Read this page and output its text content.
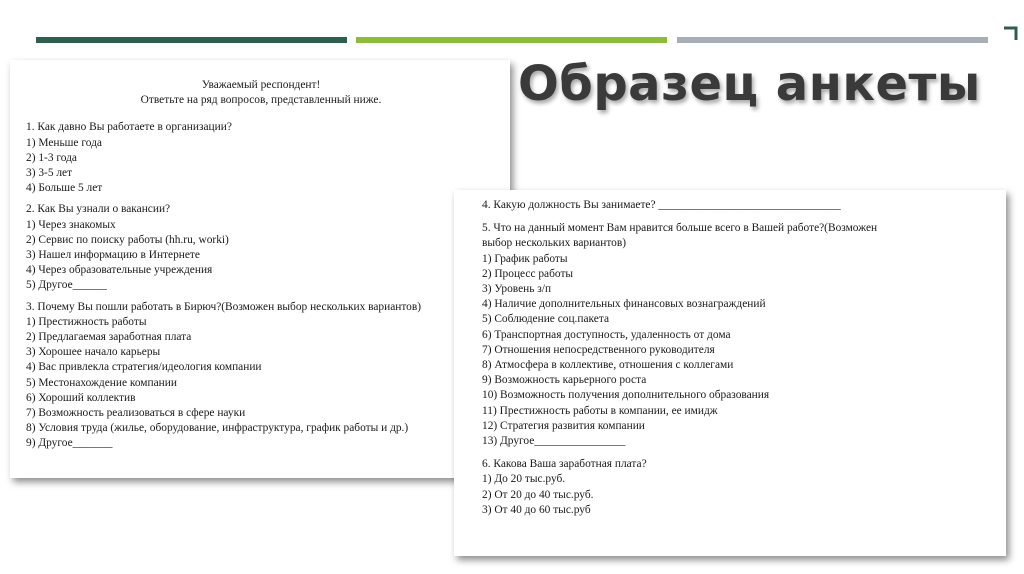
Образец анкеты
Уважаемый респондент!
Ответьте на ряд вопросов, представленный ниже.
1. Как давно Вы работаете в организации?
1) Меньше года
2) 1-3 года
3) 3-5 лет
4) Больше 5 лет
2. Как Вы узнали о вакансии?
1) Через знакомых
2) Сервис по поиску работы (hh.ru, worki)
3) Нашел информацию в Интернете
4) Через образовательные учреждения
5) Другое______
3. Почему Вы пошли работать в Бирюч?(Возможен выбор нескольких вариантов)
1) Престижность работы
2) Предлагаемая заработная плата
3) Хорошее начало карьеры
4) Вас привлекла стратегия/идеология компании
5) Местонахождение компании
6) Хороший коллектив
7) Возможность реализоваться в сфере науки
8) Условия труда (жилье, оборудование, инфраструктура, график работы и др.)
9) Другое_______
4. Какую должность Вы занимаете? ________________________________
5. Что на данный момент Вам нравится больше всего в Вашей работе?(Возможен
выбор нескольких вариантов)
1) График работы
2) Процесс работы
3) Уровень з/п
4) Наличие дополнительных финансовых вознаграждений
5) Соблюдение соц.пакета
6) Транспортная доступность, удаленность от дома
7) Отношения непосредственного руководителя
8) Атмосфера в коллективе, отношения с коллегами
9) Возможность карьерного роста
10) Возможность получения дополнительного образования
11) Престижность работы в компании, ее имидж
12) Стратегия развития компании
13) Другое________________
6. Какова Ваша заработная плата?
1) До 20 тыс.руб.
2) От 20 до 40 тыс.руб.
3) От 40 до 60 тыс.руб
